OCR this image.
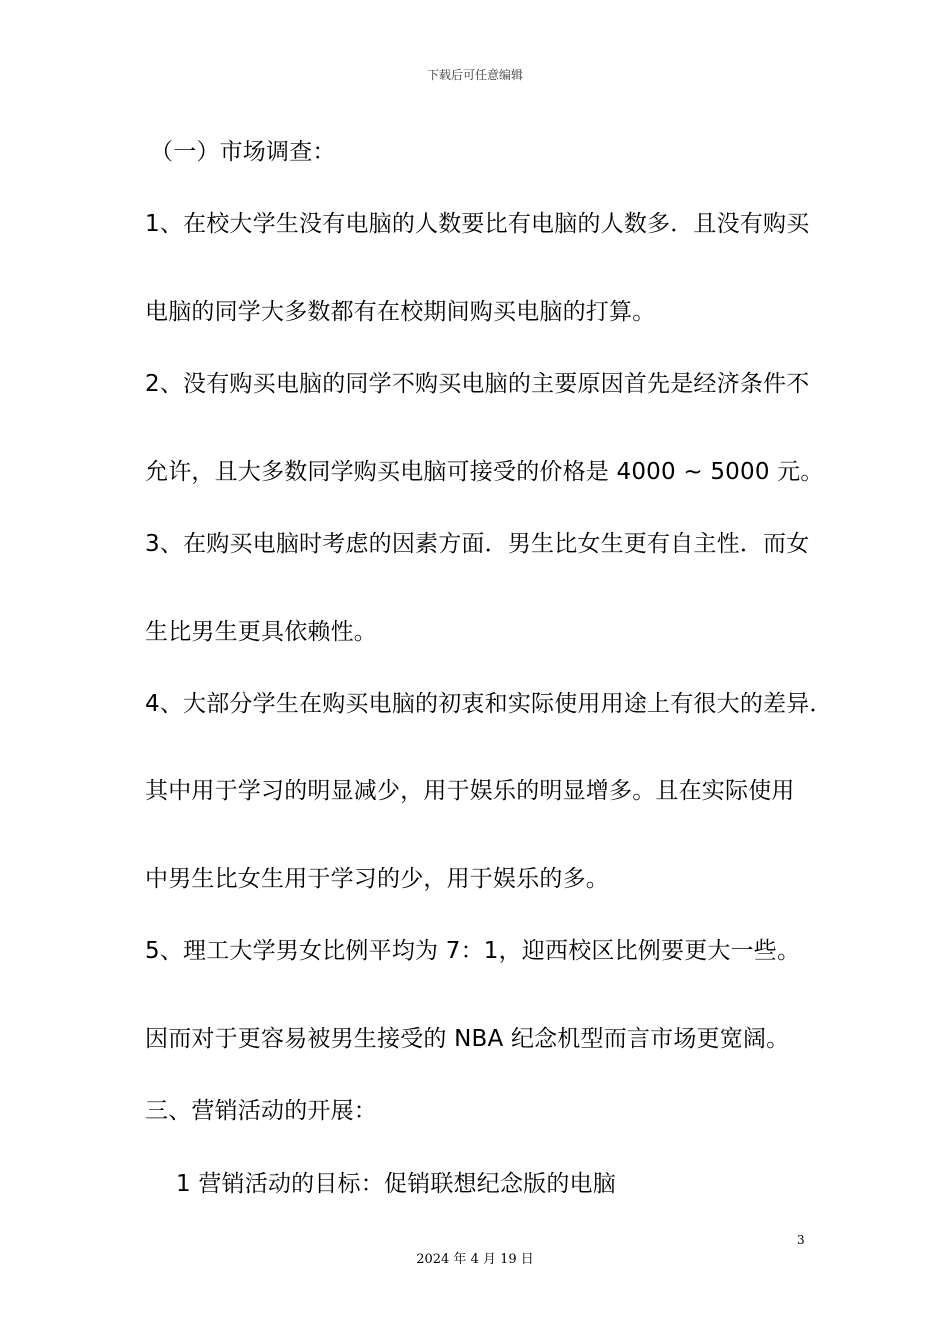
下载后可任意编辑
（一）市场调查：
1、在校大学生没有电脑的人数要比有电脑的人数多．且没有购买
电脑的同学大多数都有在校期间购买电脑的打算。
2、没有购买电脑的同学不购买电脑的主要原因首先是经济条件不
允许，且大多数同学购买电脑可接受的价格是 4000 ~ 5000 元。
3、在购买电脑时考虑的因素方面．男生比女生更有自主性．而女
生比男生更具依赖性。
4、大部分学生在购买电脑的初衷和实际使用用途上有很大的差异．
其中用于学习的明显减少，用于娱乐的明显增多。且在实际使用
中男生比女生用于学习的少，用于娱乐的多。
5、理工大学男女比例平均为 7：1，迎西校区比例要更大一些。
因而对于更容易被男生接受的 NBA 纪念机型而言市场更宽阔。
三、营销活动的开展：
1 营销活动的目标：促销联想纪念版的电脑
3
2024 年 4 月 19 日
